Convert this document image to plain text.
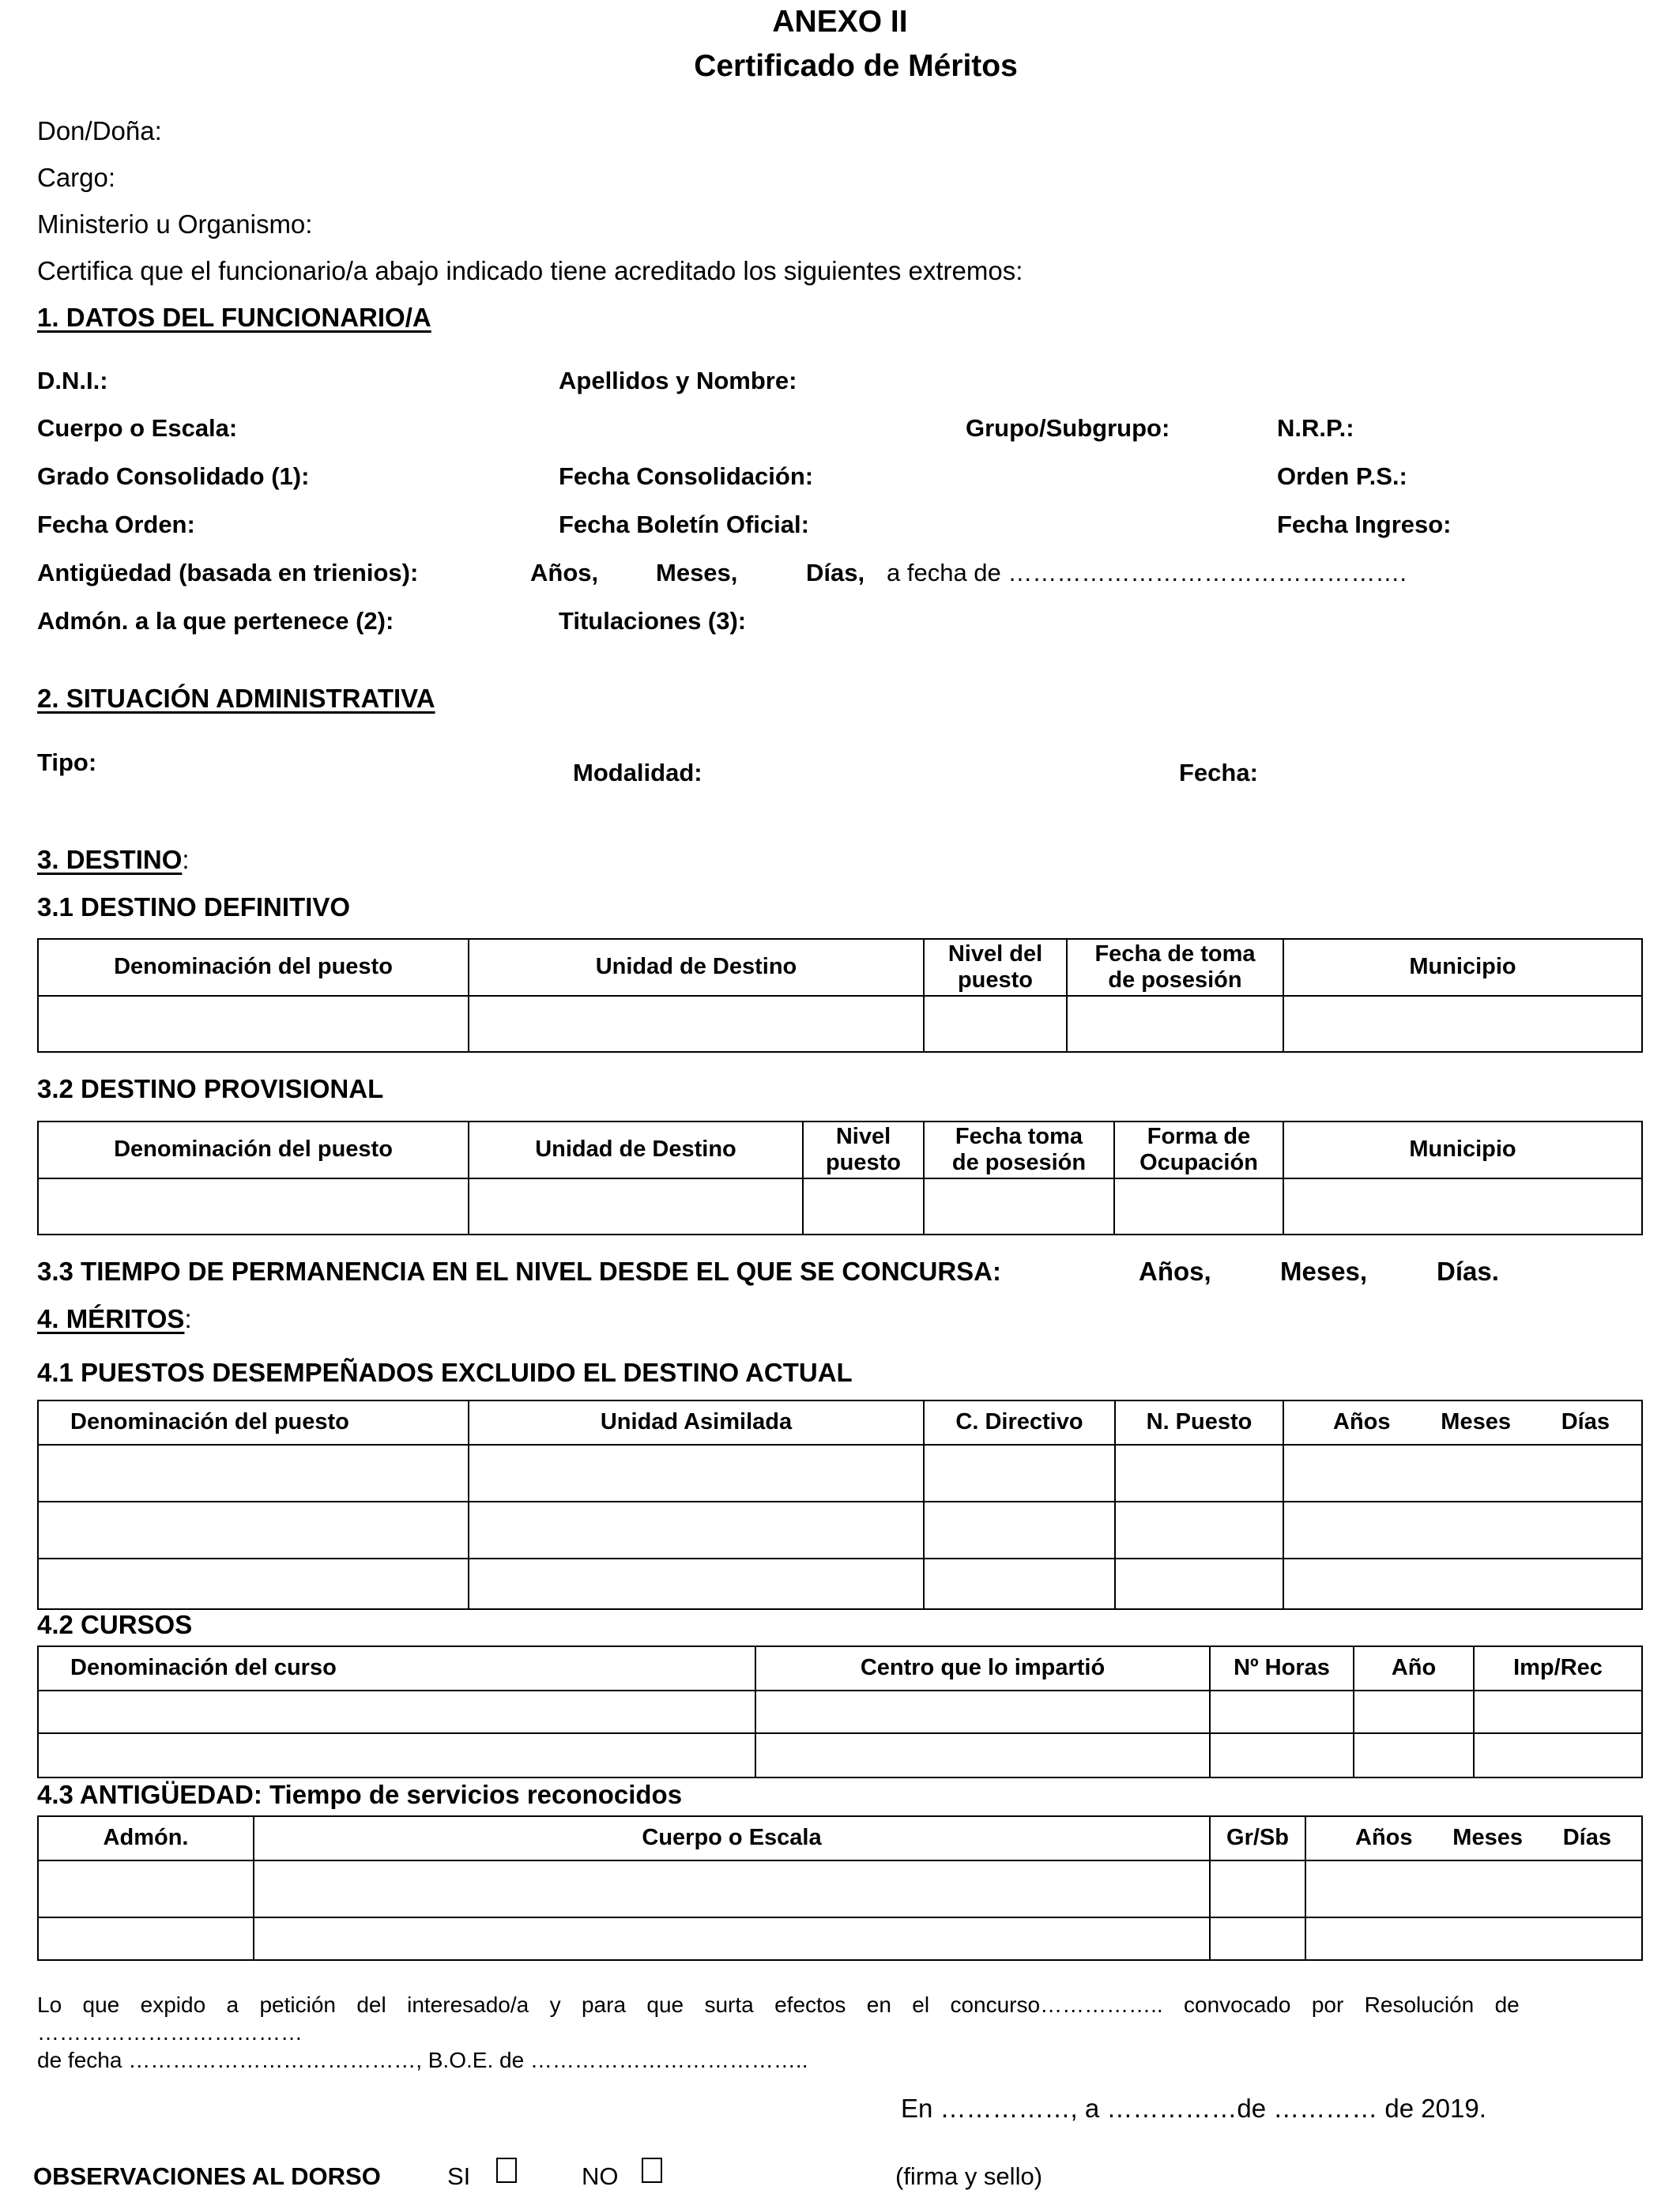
ANEXO II
Certificado de Méritos
Don/Doña:
Cargo:
Ministerio u Organismo:
Certifica que el funcionario/a abajo indicado tiene acreditado los siguientes extremos:
1. DATOS DEL FUNCIONARIO/A
D.N.I.:	Apellidos y Nombre:
Cuerpo o Escala:	Grupo/Subgrupo:	N.R.P.:
Grado Consolidado (1):	Fecha Consolidación:	Orden P.S.:
Fecha Orden:	Fecha Boletín Oficial:	Fecha Ingreso:
Antigüedad (basada en trienios):	Años, Meses,	Días, a fecha de ………………………………………….
Admón. a la que pertenece (2):	Titulaciones (3):
2. SITUACIÓN ADMINISTRATIVA
Tipo:	Modalidad:	Fecha:
3. DESTINO:
3.1 DESTINO DEFINITIVO
Denominación del puesto	Unidad de Destino	Nivel del puesto	Fecha de toma de posesión	Municipio

3.2 DESTINO PROVISIONAL
Denominación del puesto	Unidad de Destino	Nivel puesto	Fecha toma de posesión	Forma de Ocupación	Municipio

3.3 TIEMPO DE PERMANENCIA EN EL NIVEL DESDE EL QUE SE CONCURSA:	Años,	Meses,	Días.
4. MÉRITOS:
4.1 PUESTOS DESEMPEÑADOS EXCLUIDO EL DESTINO ACTUAL
Denominación del puesto	Unidad Asimilada	C. Directivo	N. Puesto	Años Meses Días

4.2 CURSOS
Denominación del curso	Centro que lo impartió	Nº Horas	Año	Imp/Rec

4.3 ANTIGÜEDAD: Tiempo de servicios reconocidos
Admón.	Cuerpo o Escala	Gr/Sb	Años Meses Días

Lo que expido a petición del interesado/a y para que surta efectos en el concurso…………….. convocado por Resolución de
………………………………
de fecha …………………………………, B.O.E. de ………………………………..
En ……………, a ……………de ………… de 2019.
OBSERVACIONES AL DORSO	SI	NO	(firma y sello)
